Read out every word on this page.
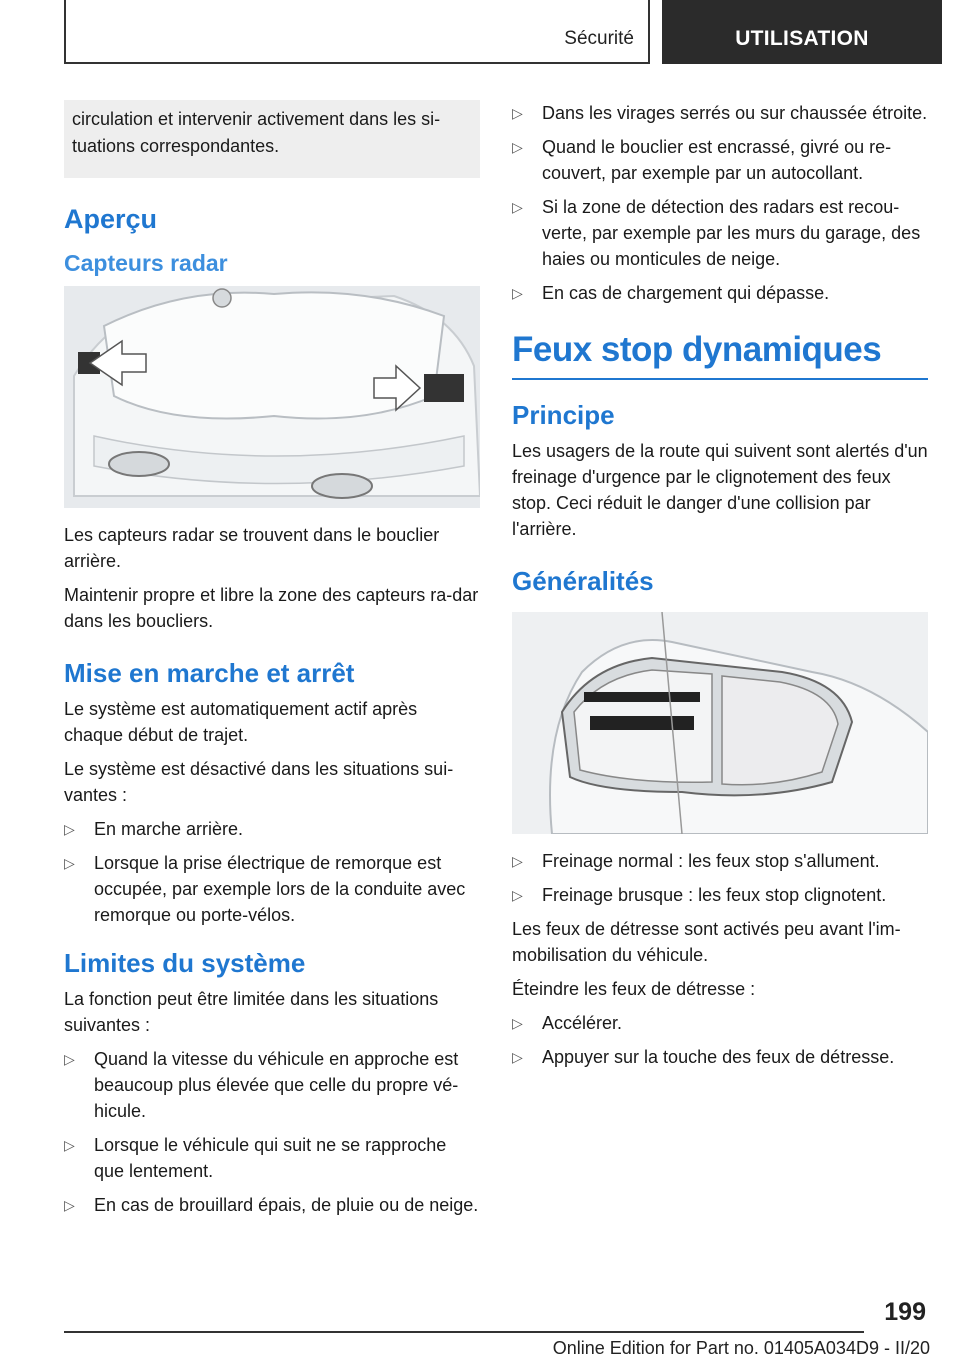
Sécurité	UTILISATION
circulation et intervenir activement dans les si-tuations correspondantes.
Aperçu
Capteurs radar

Les capteurs radar se trouvent dans le bouclier arrière.

Maintenir propre et libre la zone des capteurs ra-dar dans les boucliers.

Mise en marche et arrêt

Le système est automatiquement actif après chaque début de trajet.

Le système est désactivé dans les situations sui-vantes :

▷ En marche arrière.
▷ Lorsque la prise électrique de remorque est occupée, par exemple lors de la conduite avec remorque ou porte-vélos.
Limites du système

La fonction peut être limitée dans les situations suivantes :

▷ Quand la vitesse du véhicule en approche est beaucoup plus élevée que celle du propre vé-hicule.
▷ Lorsque le véhicule qui suit ne se rapproche que lentement.
▷ En cas de brouillard épais, de pluie ou de neige.
▷ Dans les virages serrés ou sur chaussée étroite.
▷ Quand le bouclier est encrassé, givré ou re-couvert, par exemple par un autocollant.
▷ Si la zone de détection des radars est recou-verte, par exemple par les murs du garage, des haies ou monticules de neige.
▷ En cas de chargement qui dépasse.
Feux stop dynamiques
Principe

Les usagers de la route qui suivent sont alertés d'un freinage d'urgence par le clignotement des feux stop. Ceci réduit le danger d'une collision par l'arrière.

Généralités
▷ Freinage normal : les feux stop s'allument.
▷ Freinage brusque : les feux stop clignotent.

Les feux de détresse sont activés peu avant l'im-mobilisation du véhicule.

Éteindre les feux de détresse :

▷ Accélérer.
▷ Appuyer sur la touche des feux de détresse.
199
Online Edition for Part no. 01405A034D9 - II/20
